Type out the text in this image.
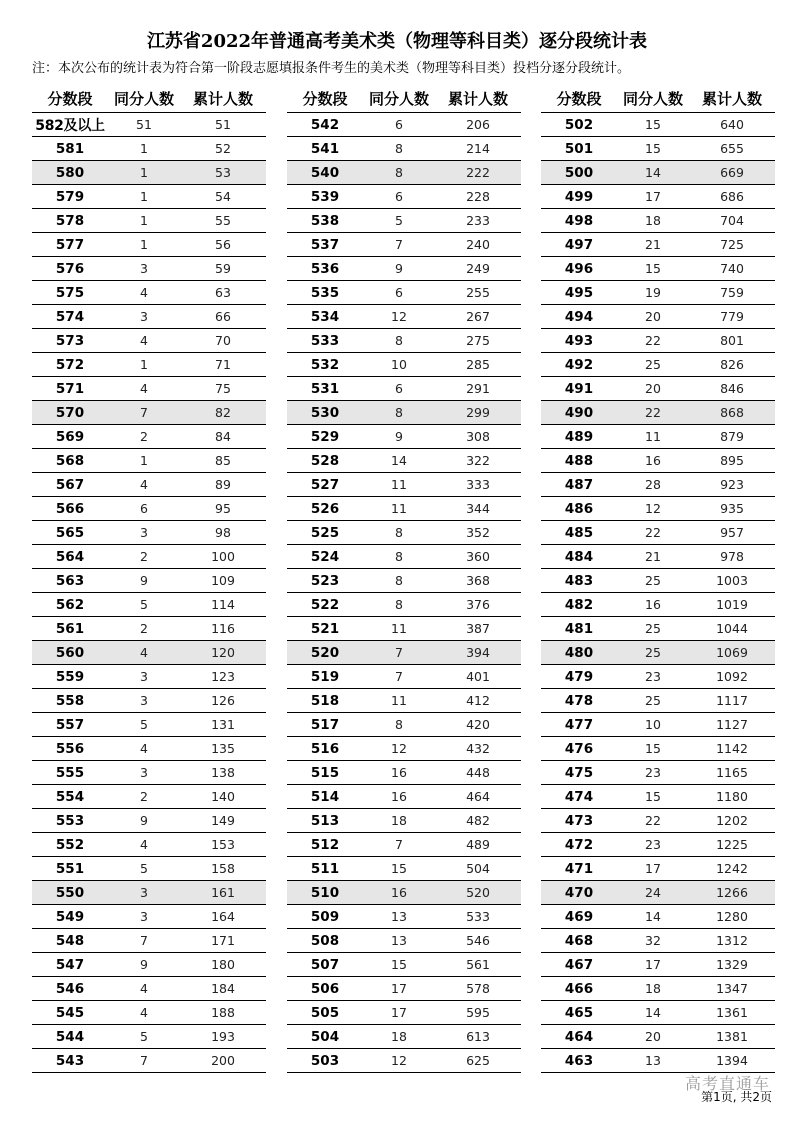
江苏省2022年普通高考美术类（物理等科目类）逐分段统计表
注：本次公布的统计表为符合第一阶段志愿填报条件考生的美术类（物理等科目类）投档分逐分段统计。
分数段	同分人数	累计人数
582及以上	51	51
581	1	52
580	1	53
579	1	54
578	1	55
577	1	56
576	3	59
575	4	63
574	3	66
573	4	70
572	1	71
571	4	75
570	7	82
569	2	84
568	1	85
567	4	89
566	6	95
565	3	98
564	2	100
563	9	109
562	5	114
561	2	116
560	4	120
559	3	123
558	3	126
557	5	131
556	4	135
555	3	138
554	2	140
553	9	149
552	4	153
551	5	158
550	3	161
549	3	164
548	7	171
547	9	180
546	4	184
545	4	188
544	5	193
543	7	200
分数段	同分人数	累计人数
542	6	206
541	8	214
540	8	222
539	6	228
538	5	233
537	7	240
536	9	249
535	6	255
534	12	267
533	8	275
532	10	285
531	6	291
530	8	299
529	9	308
528	14	322
527	11	333
526	11	344
525	8	352
524	8	360
523	8	368
522	8	376
521	11	387
520	7	394
519	7	401
518	11	412
517	8	420
516	12	432
515	16	448
514	16	464
513	18	482
512	7	489
511	15	504
510	16	520
509	13	533
508	13	546
507	15	561
506	17	578
505	17	595
504	18	613
503	12	625
分数段	同分人数	累计人数
502	15	640
501	15	655
500	14	669
499	17	686
498	18	704
497	21	725
496	15	740
495	19	759
494	20	779
493	22	801
492	25	826
491	20	846
490	22	868
489	11	879
488	16	895
487	28	923
486	12	935
485	22	957
484	21	978
483	25	1003
482	16	1019
481	25	1044
480	25	1069
479	23	1092
478	25	1117
477	10	1127
476	15	1142
475	23	1165
474	15	1180
473	22	1202
472	23	1225
471	17	1242
470	24	1266
469	14	1280
468	32	1312
467	17	1329
466	18	1347
465	14	1361
464	20	1381
463	13	1394
高考直通车
第1页, 共2页
